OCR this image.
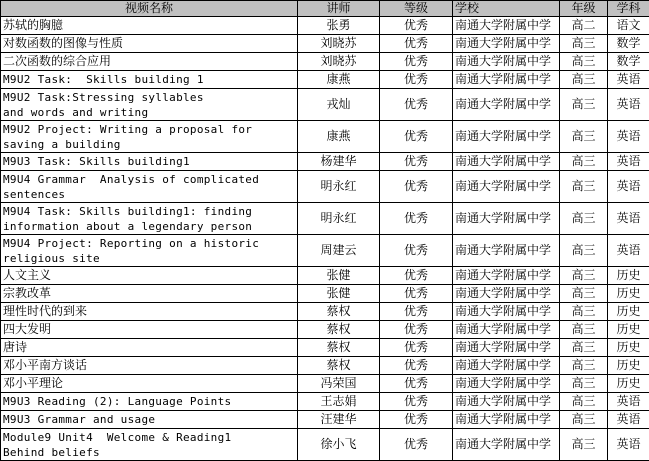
视频名称	讲师	等级	学校	年级	学科

苏轼的胸臆	张勇	优秀	南通大学附属中学	高二	语文

对数函数的图像与性质	刘晓苏	优秀	南通大学附属中学	高三	数学

二次函数的综合应用	刘晓苏	优秀	南通大学附属中学	高三	数学

M9U2 Task:  Skills building 1	康燕	优秀	南通大学附属中学	高三	英语

M9U2 Task:Stressing syllables
and words and writing	戎灿	优秀	南通大学附属中学	高三	英语

M9U2 Project: Writing a proposal for
saving a building	康燕	优秀	南通大学附属中学	高三	英语

M9U3 Task: Skills building1	杨建华	优秀	南通大学附属中学	高三	英语

M9U4 Grammar  Analysis of complicated
sentences	明永红	优秀	南通大学附属中学	高三	英语

M9U4 Task: Skills building1: finding
information about a legendary person	明永红	优秀	南通大学附属中学	高三	英语

M9U4 Project: Reporting on a historic
religious site	周建云	优秀	南通大学附属中学	高三	英语

人文主义	张健	优秀	南通大学附属中学	高三	历史

宗教改革	张健	优秀	南通大学附属中学	高三	历史

理性时代的到来	蔡权	优秀	南通大学附属中学	高三	历史

四大发明	蔡权	优秀	南通大学附属中学	高三	历史

唐诗	蔡权	优秀	南通大学附属中学	高三	历史

邓小平南方谈话	蔡权	优秀	南通大学附属中学	高三	历史

邓小平理论	冯荣国	优秀	南通大学附属中学	高三	历史

M9U3 Reading (2): Language Points	王志娟	优秀	南通大学附属中学	高三	英语

M9U3 Grammar and usage	汪建华	优秀	南通大学附属中学	高三	英语

Module9 Unit4  Welcome & Reading1
Behind beliefs	徐小飞	优秀	南通大学附属中学	高三	英语
